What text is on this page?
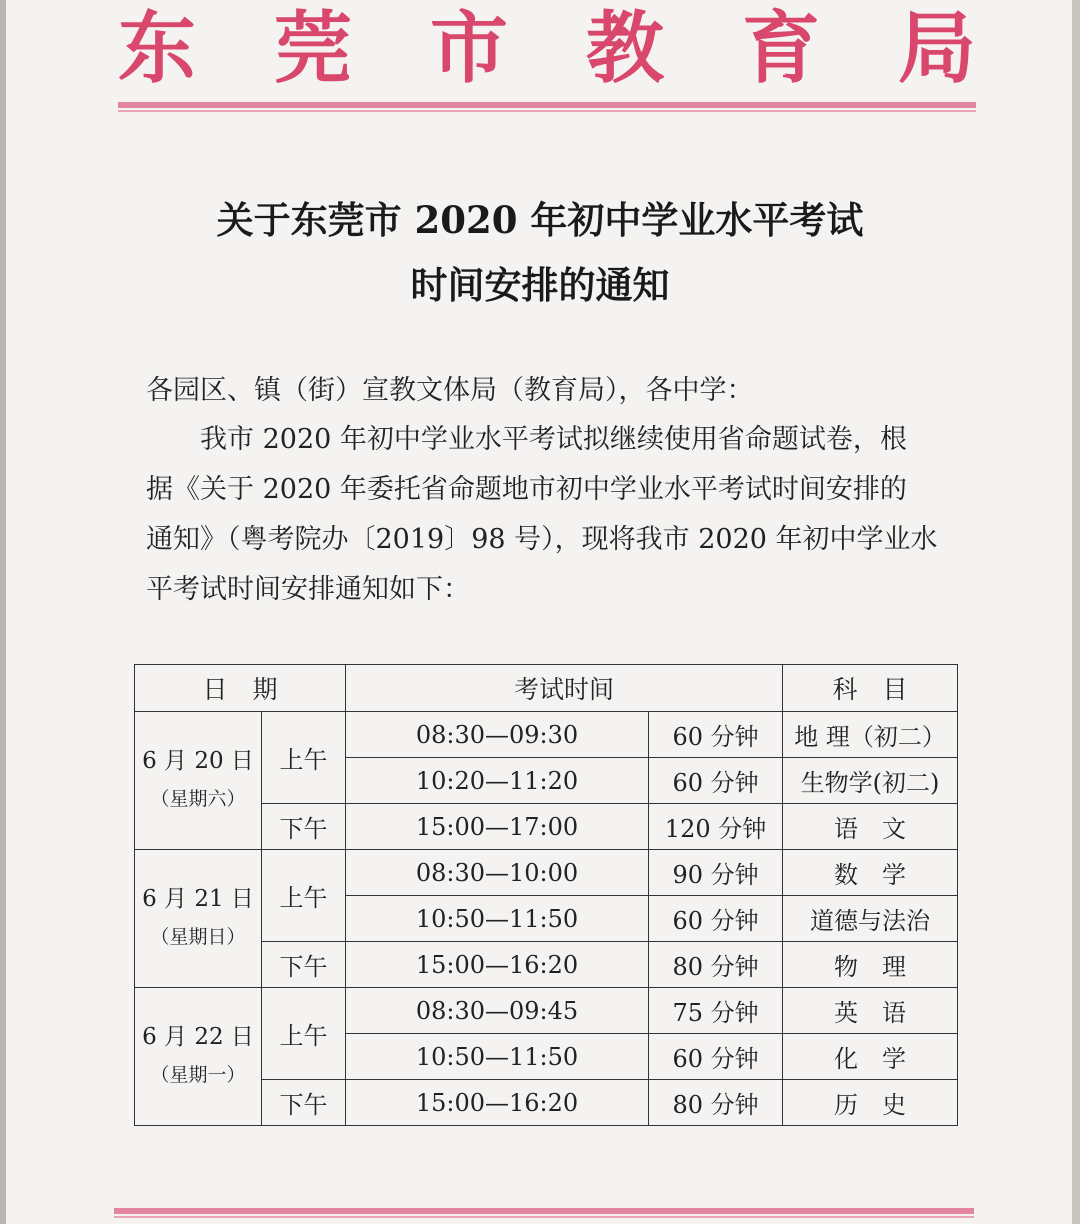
东 莞 市 教 育 局
关于东莞市 2020 年初中学业水平考试
时间安排的通知
各园区、镇（街）宣教文体局（教育局），各中学：

我市 2020 年初中学业水平考试拟继续使用省命题试卷，根

据《关于 2020 年委托省命题地市初中学业水平考试时间安排的

通知》（粤考院办〔2019〕98 号），现将我市 2020 年初中学业水

平考试时间安排通知如下：

日　期		考试时间		科　目

6 月 20 日
（星期六）	上午	08:30—09:30	60 分钟	地 理（初二）
		10:20—11:20	60 分钟	生物学(初二)
	下午	15:00—17:00	120 分钟	语　文

6 月 21 日
（星期日）	上午	08:30—10:00	90 分钟	数　学
		10:50—11:50	60 分钟	道德与法治
	下午	15:00—16:20	80 分钟	物　理

6 月 22 日
（星期一）	上午	08:30—09:45	75 分钟	英　语
		10:50—11:50	60 分钟	化　学
	下午	15:00—16:20	80 分钟	历　史
